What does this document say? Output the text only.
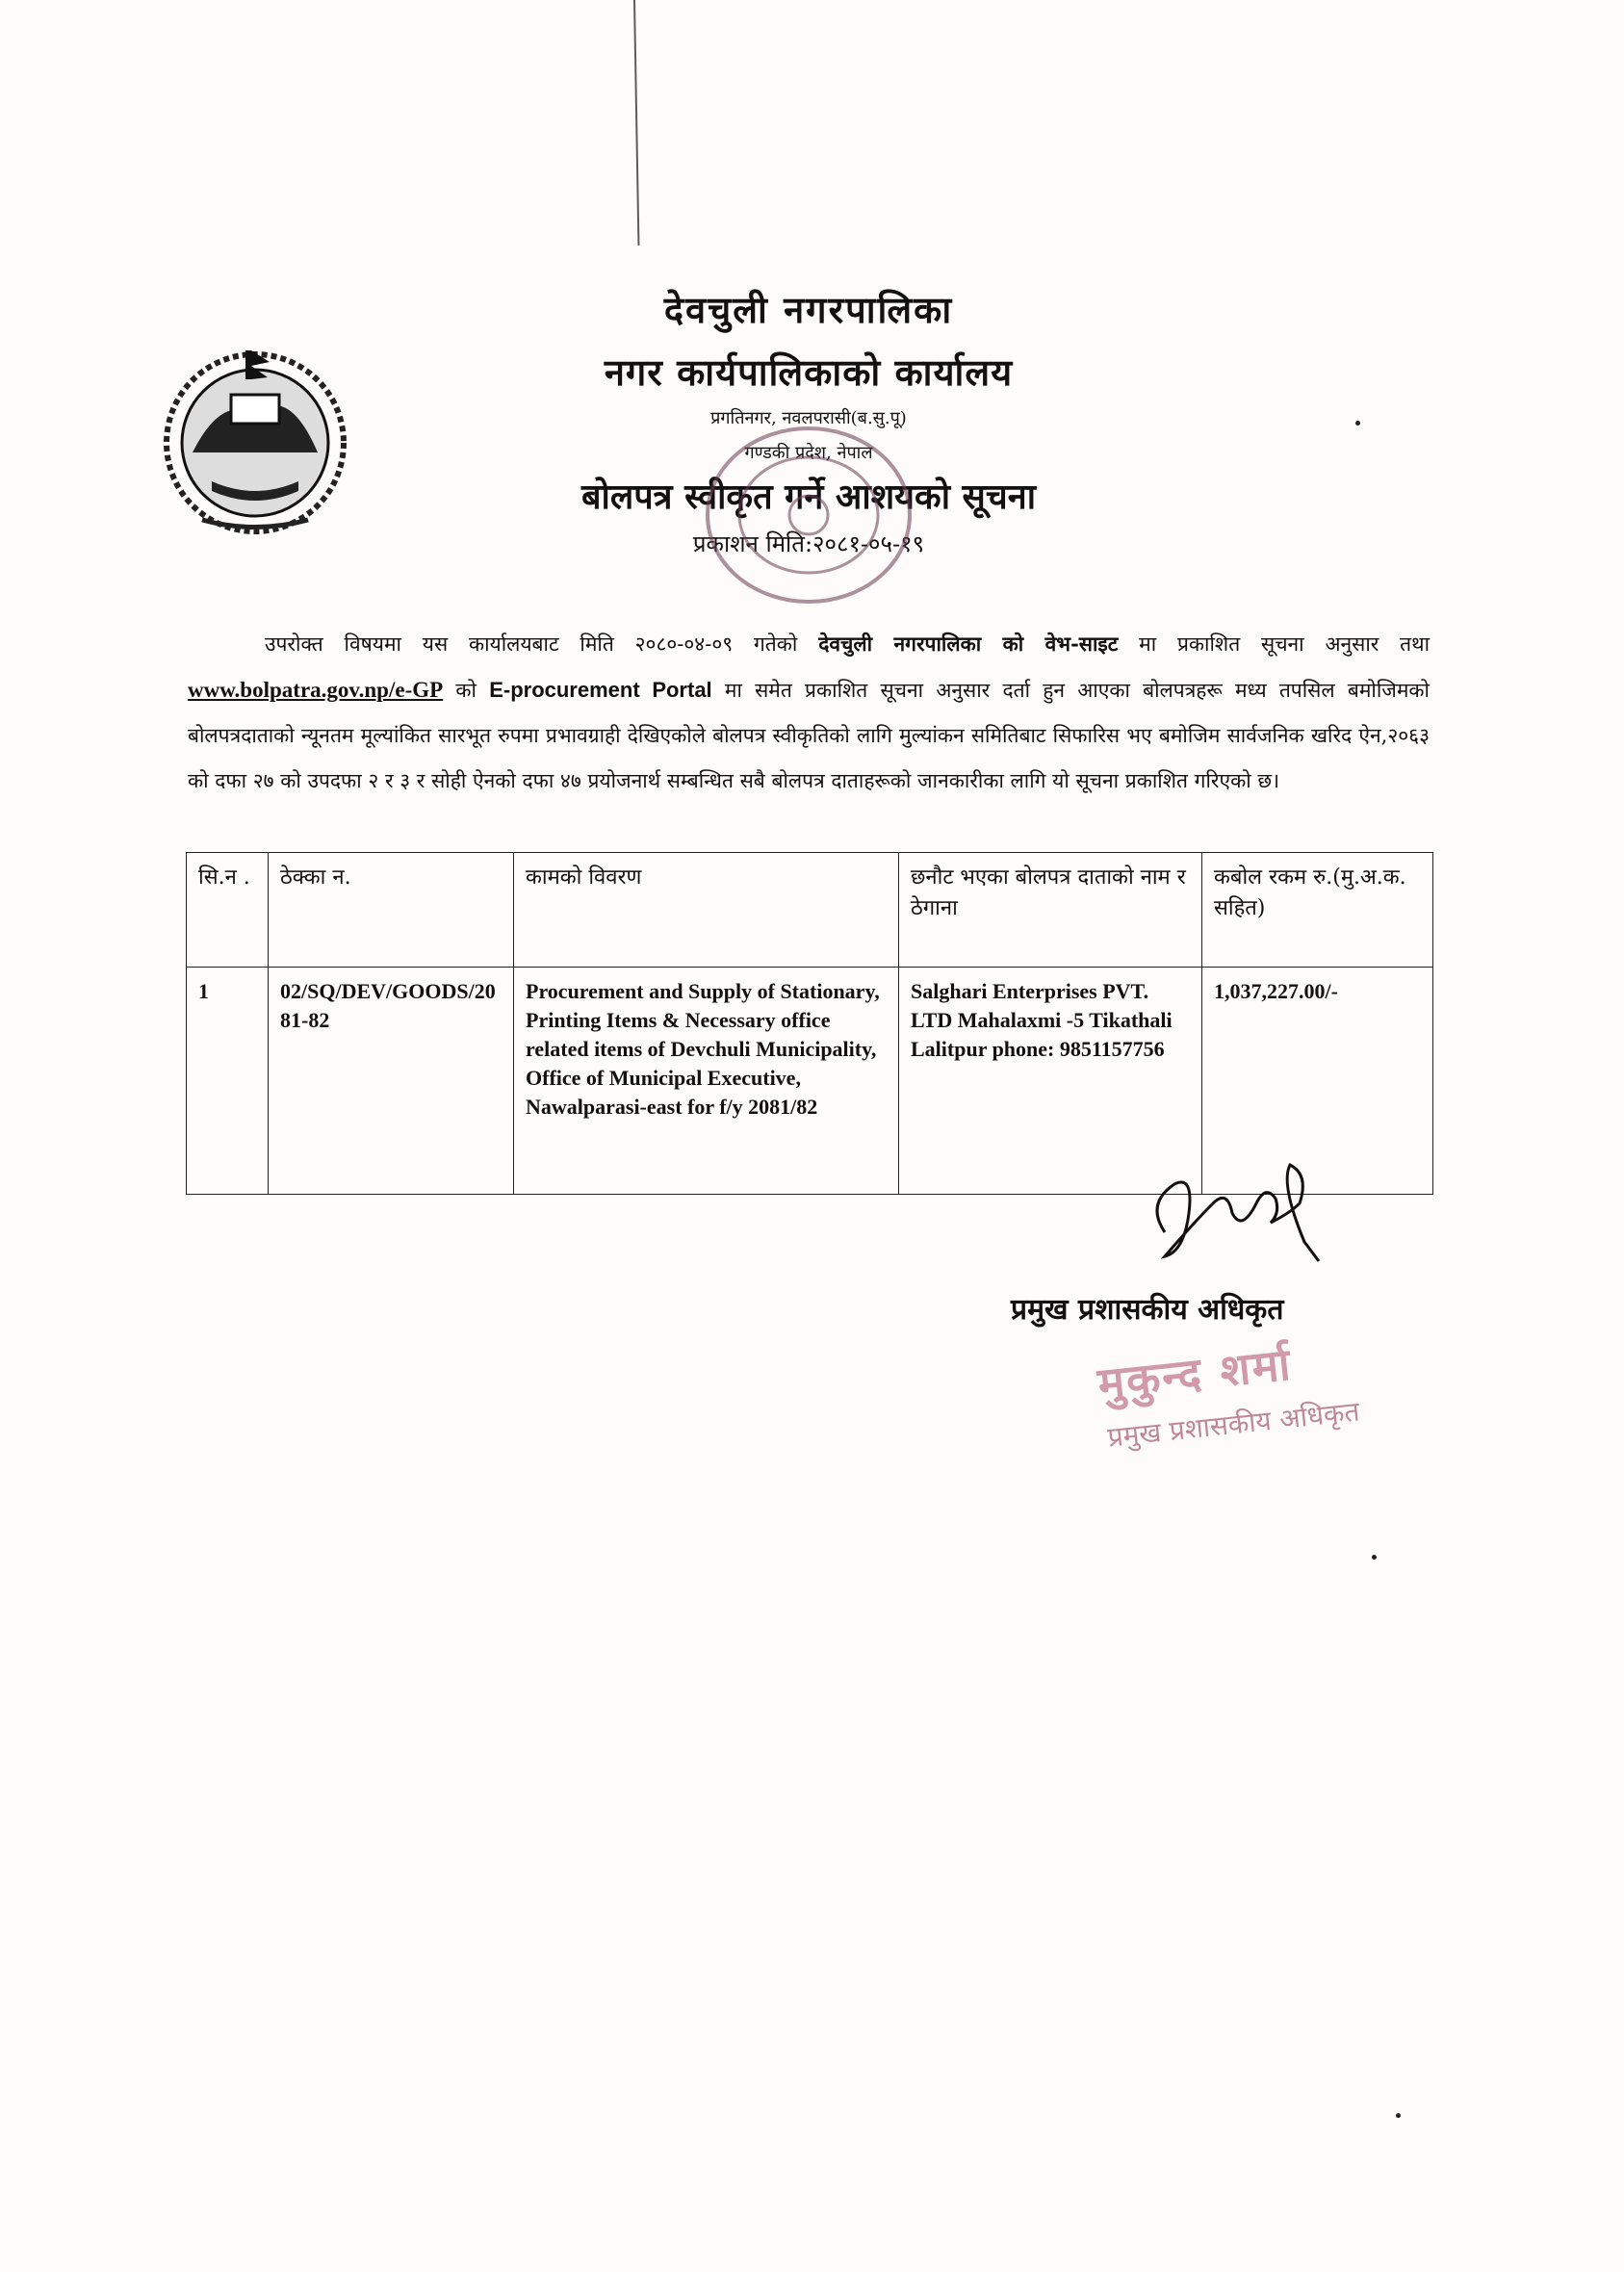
देवचुली नगरपालिका
नगर कार्यपालिकाको कार्यालय
प्रगतिनगर, नवलपरासी(ब.सु.पू)
गण्डकी प्रदेश, नेपाल
बोलपत्र स्वीकृत गर्ने आशयको सूचना
प्रकाशन मिति:२०८१-०५-१९
उपरोक्त विषयमा यस कार्यालयबाट मिति २०८०-०४-०९ गतेको देवचुली नगरपालिका को वेभ-साइट मा प्रकाशित सूचना अनुसार तथा www.bolpatra.gov.np/e-GP को E-procurement Portal मा समेत प्रकाशित सूचना अनुसार दर्ता हुन आएका बोलपत्रहरू मध्य तपसिल बमोजिमको बोलपत्रदाताको न्यूनतम मूल्यांकित सारभूत रुपमा प्रभावग्राही देखिएकोले बोलपत्र स्वीकृतिको लागि मुल्यांकन समितिबाट सिफारिस भए बमोजिम सार्वजनिक खरिद ऐन,२०६३ को दफा २७ को उपदफा २ र ३ र सोही ऐनको दफा ४७ प्रयोजनार्थ सम्बन्धित सबै बोलपत्र दाताहरूको जानकारीका लागि यो सूचना प्रकाशित गरिएको छ।
सि.न .	ठेक्का न.	कामको विवरण	छनौट भएका बोलपत्र दाताको नाम र ठेगाना	कबोल रकम रु.(मु.अ.क. सहित)
1	02/SQ/DEV/GOODS/2081-82	Procurement and Supply of Stationary, Printing Items & Necessary office related items of Devchuli Municipality, Office of Municipal Executive, Nawalparasi-east for f/y 2081/82	Salghari Enterprises PVT. LTD Mahalaxmi -5 Tikathali Lalitpur phone: 9851157756	1,037,227.00/-
प्रमुख प्रशासकीय अधिकृत
मुकुन्द शर्मा
प्रमुख प्रशासकीय अधिकृत
